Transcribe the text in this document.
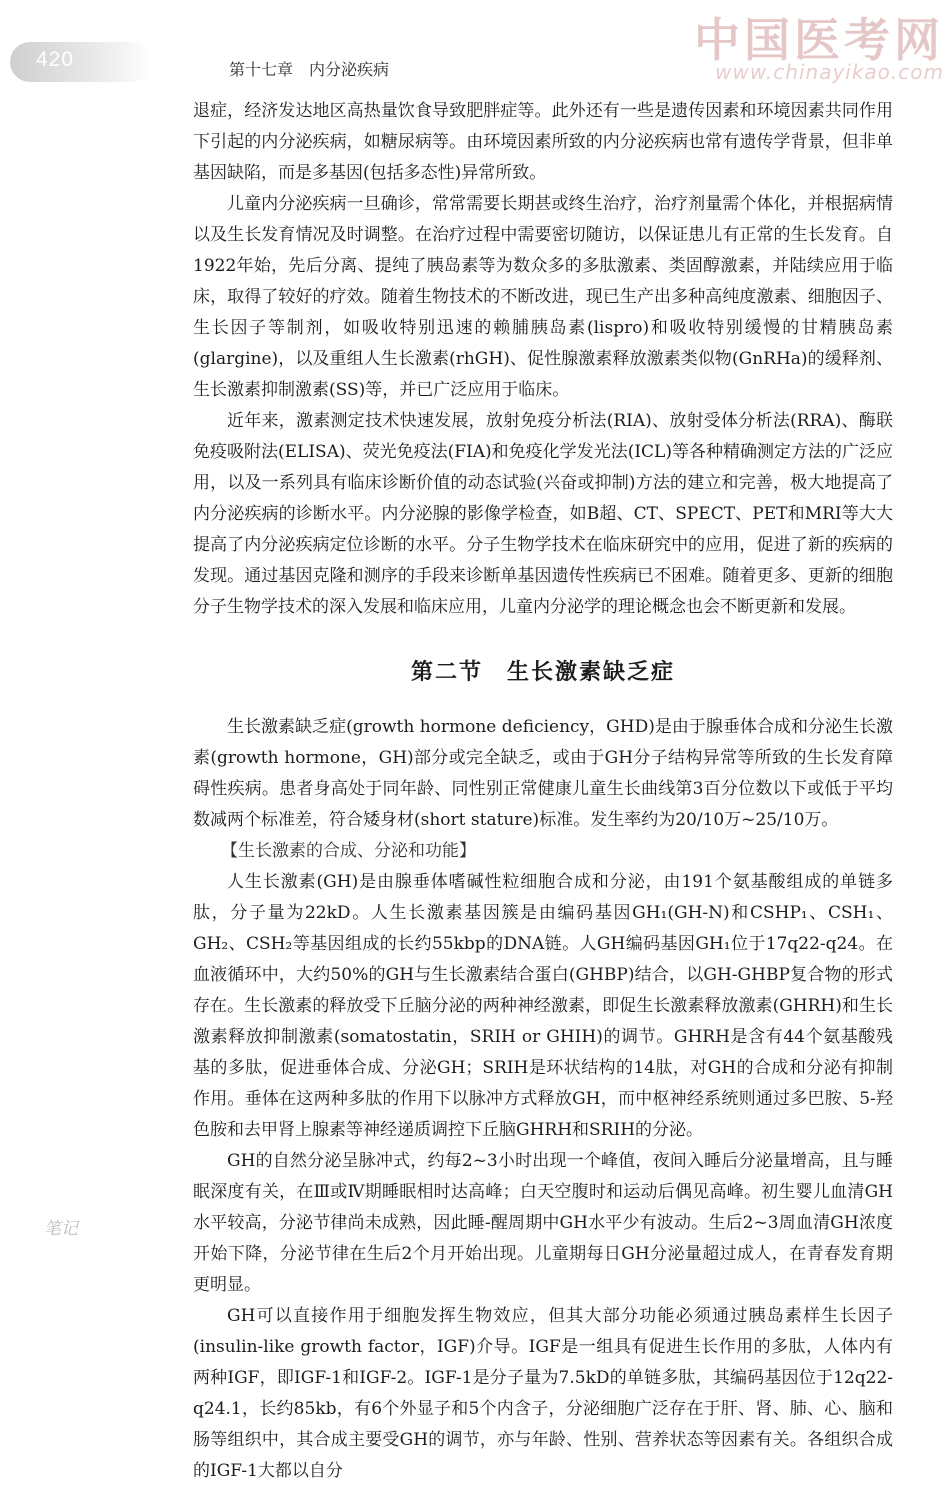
420	第十七章　内分泌疾病
中国医考网
www.chinayikao.com

退症，经济发达地区高热量饮食导致肥胖症等。此外还有一些是遗传因素和环境因素共同作用下引起的内分泌疾病，如糖尿病等。由环境因素所致的内分泌疾病也常有遗传学背景，但非单基因缺陷，而是多基因(包括多态性)异常所致。

儿童内分泌疾病一旦确诊，常常需要长期甚或终生治疗，治疗剂量需个体化，并根据病情以及生长发育情况及时调整。在治疗过程中需要密切随访，以保证患儿有正常的生长发育。自1922年始，先后分离、提纯了胰岛素等为数众多的多肽激素、类固醇激素，并陆续应用于临床，取得了较好的疗效。随着生物技术的不断改进，现已生产出多种高纯度激素、细胞因子、生长因子等制剂，如吸收特别迅速的赖脯胰岛素(lispro)和吸收特别缓慢的甘精胰岛素(glargine)，以及重组人生长激素(rhGH)、促性腺激素释放激素类似物(GnRHa)的缓释剂、生长激素抑制激素(SS)等，并已广泛应用于临床。

近年来，激素测定技术快速发展，放射免疫分析法(RIA)、放射受体分析法(RRA)、酶联免疫吸附法(ELISA)、荧光免疫法(FIA)和免疫化学发光法(ICL)等各种精确测定方法的广泛应用，以及一系列具有临床诊断价值的动态试验(兴奋或抑制)方法的建立和完善，极大地提高了内分泌疾病的诊断水平。内分泌腺的影像学检查，如B超、CT、SPECT、PET和MRI等大大提高了内分泌疾病定位诊断的水平。分子生物学技术在临床研究中的应用，促进了新的疾病的发现。通过基因克隆和测序的手段来诊断单基因遗传性疾病已不困难。随着更多、更新的细胞分子生物学技术的深入发展和临床应用，儿童内分泌学的理论概念也会不断更新和发展。

第二节　生长激素缺乏症

生长激素缺乏症(growth hormone deficiency，GHD)是由于腺垂体合成和分泌生长激素(growth hormone，GH)部分或完全缺乏，或由于GH分子结构异常等所致的生长发育障碍性疾病。患者身高处于同年龄、同性别正常健康儿童生长曲线第3百分位数以下或低于平均数减两个标准差，符合矮身材(short stature)标准。发生率约为20/10万~25/10万。

【生长激素的合成、分泌和功能】

人生长激素(GH)是由腺垂体嗜碱性粒细胞合成和分泌，由191个氨基酸组成的单链多肽，分子量为22kD。人生长激素基因簇是由编码基因GH₁(GH-N)和CSHP₁、CSH₁、GH₂、CSH₂等基因组成的长约55kbp的DNA链。人GH编码基因GH₁位于17q22-q24。在血液循环中，大约50%的GH与生长激素结合蛋白(GHBP)结合，以GH-GHBP复合物的形式存在。生长激素的释放受下丘脑分泌的两种神经激素，即促生长激素释放激素(GHRH)和生长激素释放抑制激素(somatostatin，SRIH or GHIH)的调节。GHRH是含有44个氨基酸残基的多肽，促进垂体合成、分泌GH；SRIH是环状结构的14肽，对GH的合成和分泌有抑制作用。垂体在这两种多肽的作用下以脉冲方式释放GH，而中枢神经系统则通过多巴胺、5-羟色胺和去甲肾上腺素等神经递质调控下丘脑GHRH和SRIH的分泌。

GH的自然分泌呈脉冲式，约每2~3小时出现一个峰值，夜间入睡后分泌量增高，且与睡眠深度有关，在Ⅲ或Ⅳ期睡眠相时达高峰；白天空腹时和运动后偶见高峰。初生婴儿血清GH水平较高，分泌节律尚未成熟，因此睡-醒周期中GH水平少有波动。生后2~3周血清GH浓度开始下降，分泌节律在生后2个月开始出现。儿童期每日GH分泌量超过成人，在青春发育期更明显。

GH可以直接作用于细胞发挥生物效应，但其大部分功能必须通过胰岛素样生长因子(insulin-like growth factor，IGF)介导。IGF是一组具有促进生长作用的多肽，人体内有两种IGF，即IGF-1和IGF-2。IGF-1是分子量为7.5kD的单链多肽，其编码基因位于12q22-q24.1，长约85kb，有6个外显子和5个内含子，分泌细胞广泛存在于肝、肾、肺、心、脑和肠等组织中，其合成主要受GH的调节，亦与年龄、性别、营养状态等因素有关。各组织合成的IGF-1大都以自分

笔记
